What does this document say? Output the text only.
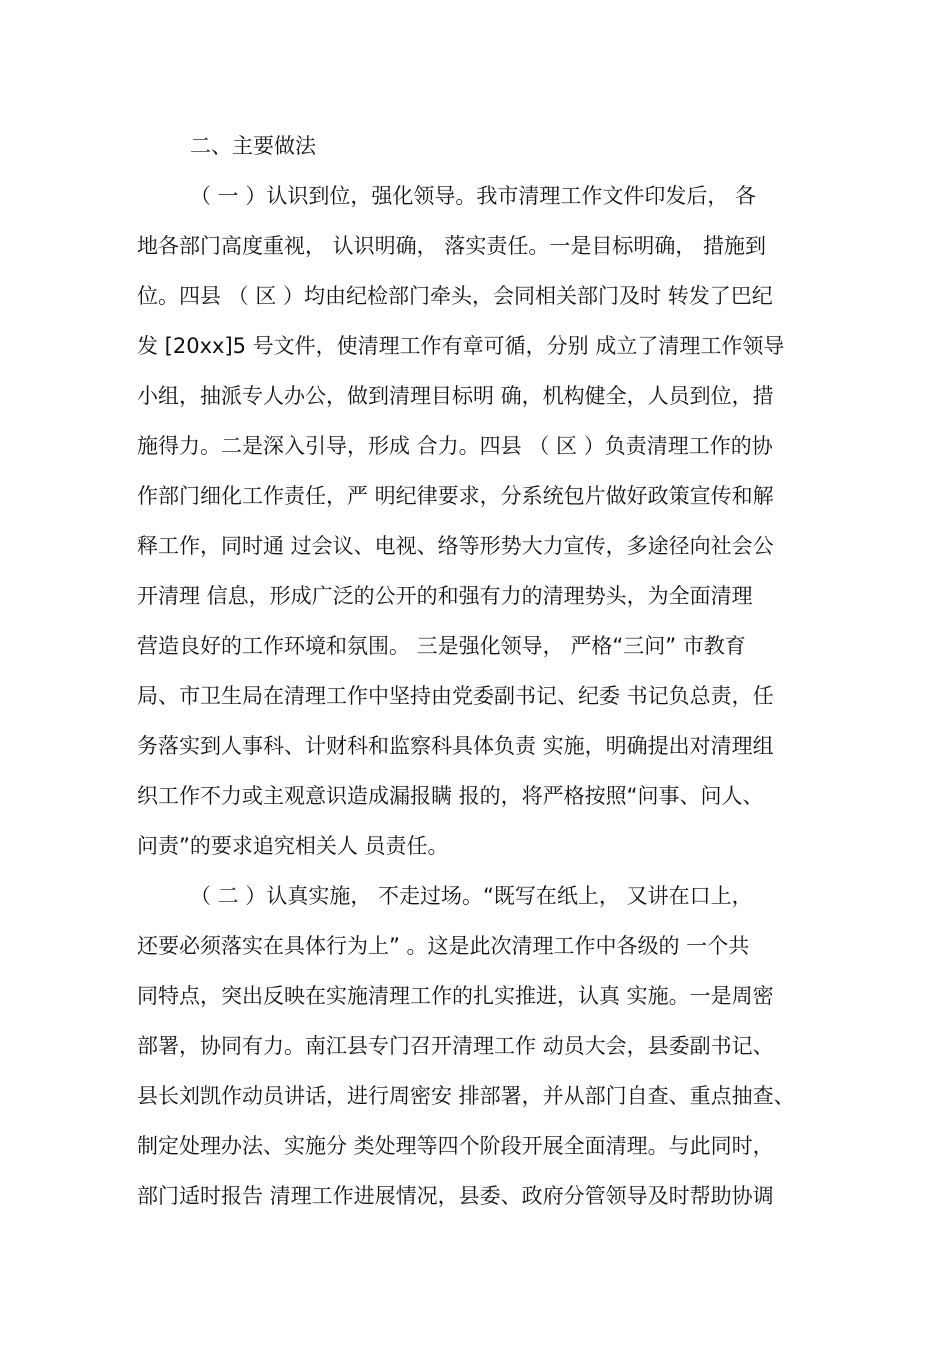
二、主要做法
（ 一 ）认识到位，强化领导。我市清理工作文件印发后， 各
地各部门高度重视， 认识明确， 落实责任。一是目标明确， 措施到
位。四县 （ 区 ）均由纪检部门牵头，会同相关部门及时 转发了巴纪
发 [20xx]5 号文件，使清理工作有章可循，分别 成立了清理工作领导
小组，抽派专人办公，做到清理目标明 确，机构健全，人员到位，措
施得力。二是深入引导，形成 合力。四县 （ 区 ）负责清理工作的协
作部门细化工作责任，严 明纪律要求，分系统包片做好政策宣传和解
释工作，同时通 过会议、电视、络等形势大力宣传，多途径向社会公
开清理 信息，形成广泛的公开的和强有力的清理势头，为全面清理
营造良好的工作环境和氛围。 三是强化领导， 严格“三问” 市教育
局、市卫生局在清理工作中坚持由党委副书记、纪委 书记负总责，任
务落实到人事科、计财科和监察科具体负责 实施，明确提出对清理组
织工作不力或主观意识造成漏报瞒 报的，将严格按照“问事、问人、
问责”的要求追究相关人 员责任。
（ 二 ）认真实施， 不走过场。“既写在纸上， 又讲在口上，
还要必须落实在具体行为上” 。这是此次清理工作中各级的 一个共
同特点，突出反映在实施清理工作的扎实推进，认真 实施。一是周密
部署，协同有力。南江县专门召开清理工作 动员大会，县委副书记、
县长刘凯作动员讲话，进行周密安 排部署，并从部门自查、重点抽查、
制定处理办法、实施分 类处理等四个阶段开展全面清理。与此同时，
部门适时报告 清理工作进展情况，县委、政府分管领导及时帮助协调
